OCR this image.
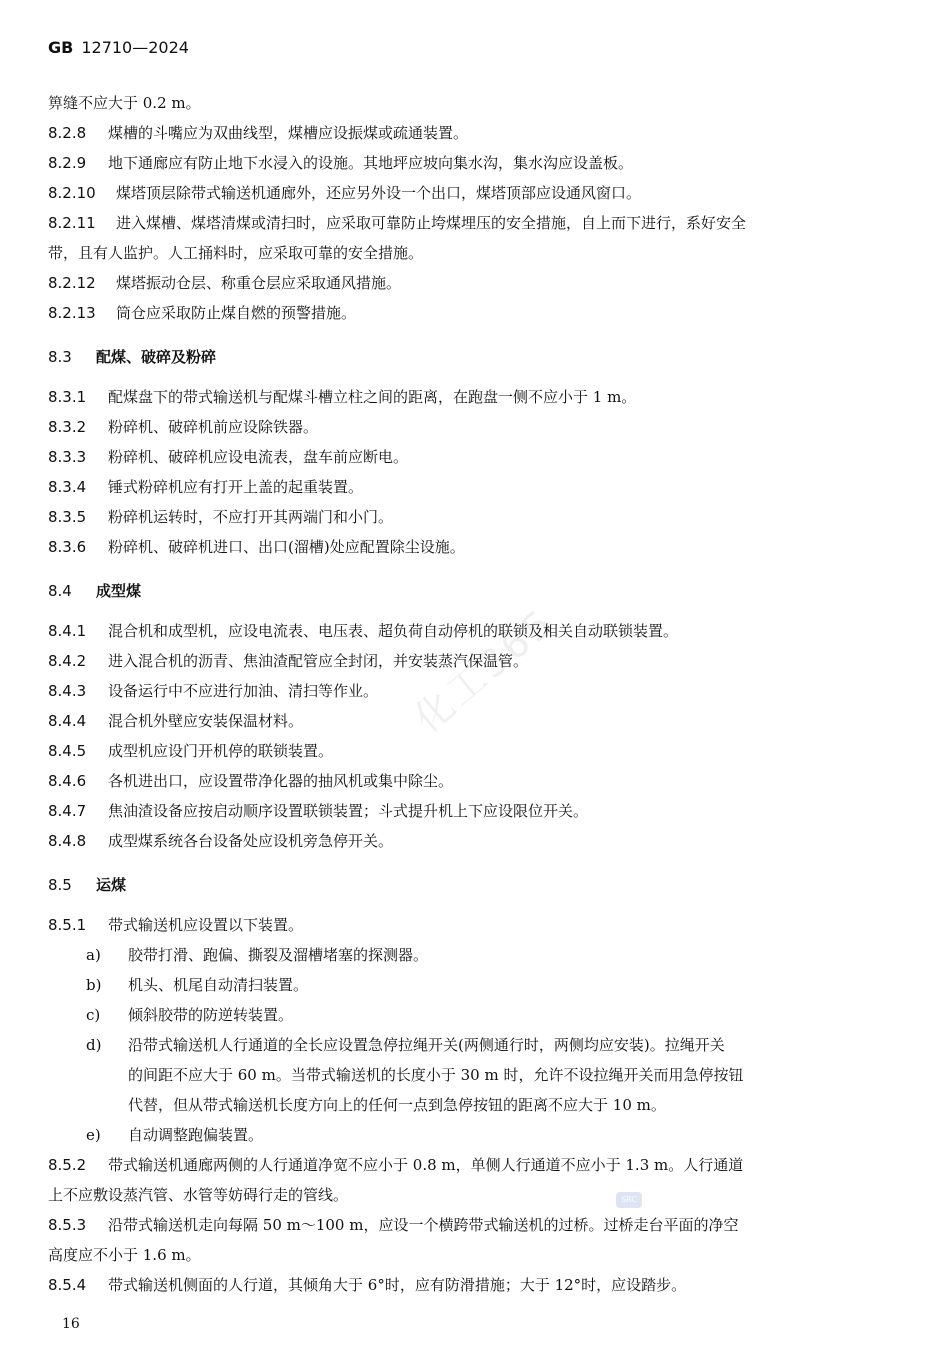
GB 12710—2024
化工365
SRC
箅缝不应大于 0.2 m。
8.2.8 煤槽的斗嘴应为双曲线型，煤槽应设振煤或疏通装置。
8.2.9 地下通廊应有防止地下水浸入的设施。其地坪应坡向集水沟，集水沟应设盖板。
8.2.10 煤塔顶层除带式输送机通廊外，还应另外设一个出口，煤塔顶部应设通风窗口。
8.2.11 进入煤槽、煤塔清煤或清扫时，应采取可靠防止垮煤埋压的安全措施，自上而下进行，系好安全
带，且有人监护。人工捅料时，应采取可靠的安全措施。
8.2.12 煤塔振动仓层、称重仓层应采取通风措施。
8.2.13 筒仓应采取防止煤自燃的预警措施。
8.3 配煤、破碎及粉碎
8.3.1 配煤盘下的带式输送机与配煤斗槽立柱之间的距离，在跑盘一侧不应小于 1 m。
8.3.2 粉碎机、破碎机前应设除铁器。
8.3.3 粉碎机、破碎机应设电流表，盘车前应断电。
8.3.4 锤式粉碎机应有打开上盖的起重装置。
8.3.5 粉碎机运转时，不应打开其两端门和小门。
8.3.6 粉碎机、破碎机进口、出口(溜槽)处应配置除尘设施。
8.4 成型煤
8.4.1 混合机和成型机，应设电流表、电压表、超负荷自动停机的联锁及相关自动联锁装置。
8.4.2 进入混合机的沥青、焦油渣配管应全封闭，并安装蒸汽保温管。
8.4.3 设备运行中不应进行加油、清扫等作业。
8.4.4 混合机外壁应安装保温材料。
8.4.5 成型机应设门开机停的联锁装置。
8.4.6 各机进出口，应设置带净化器的抽风机或集中除尘。
8.4.7 焦油渣设备应按启动顺序设置联锁装置；斗式提升机上下应设限位开关。
8.4.8 成型煤系统各台设备处应设机旁急停开关。
8.5 运煤
8.5.1 带式输送机应设置以下装置。
a) 胶带打滑、跑偏、撕裂及溜槽堵塞的探测器。
b) 机头、机尾自动清扫装置。
c) 倾斜胶带的防逆转装置。
d) 沿带式输送机人行通道的全长应设置急停拉绳开关(两侧通行时，两侧均应安装)。拉绳开关
的间距不应大于 60 m。当带式输送机的长度小于 30 m 时，允许不设拉绳开关而用急停按钮
代替，但从带式输送机长度方向上的任何一点到急停按钮的距离不应大于 10 m。
e) 自动调整跑偏装置。
8.5.2 带式输送机通廊两侧的人行通道净宽不应小于 0.8 m，单侧人行通道不应小于 1.3 m。人行通道
上不应敷设蒸汽管、水管等妨碍行走的管线。
8.5.3 沿带式输送机走向每隔 50 m～100 m，应设一个横跨带式输送机的过桥。过桥走台平面的净空
高度应不小于 1.6 m。
8.5.4 带式输送机侧面的人行道，其倾角大于 6°时，应有防滑措施；大于 12°时，应设踏步。
16
